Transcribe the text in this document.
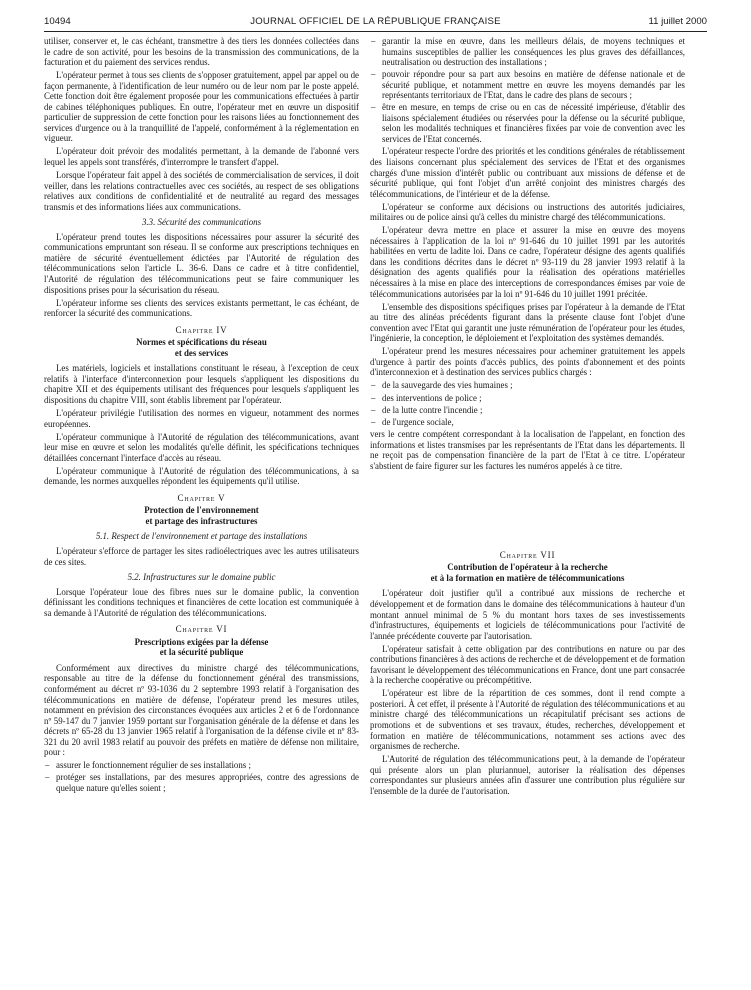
10494	JOURNAL OFFICIEL DE LA RÉPUBLIQUE FRANÇAISE	11 juillet 2000

utiliser, conserver et, le cas échéant, transmettre à des tiers les données collectées dans le cadre de son activité, pour les besoins de la transmission des communications, de la facturation et du paiement des services rendus.

L'opérateur permet à tous ses clients de s'opposer gratuitement, appel par appel ou de façon permanente, à l'identification de leur numéro ou de leur nom par le poste appelé. Cette fonction doit être également proposée pour les communications effectuées à partir de cabines téléphoniques publiques. En outre, l'opérateur met en œuvre un dispositif particulier de suppression de cette fonction pour les raisons liées au fonctionnement des services d'urgence ou à la tranquillité de l'appelé, conformément à la réglementation en vigueur.

L'opérateur doit prévoir des modalités permettant, à la demande de l'abonné vers lequel les appels sont transférés, d'interrompre le transfert d'appel.

Lorsque l'opérateur fait appel à des sociétés de commercialisation de services, il doit veiller, dans les relations contractuelles avec ces sociétés, au respect de ses obligations relatives aux conditions de confidentialité et de neutralité au regard des messages transmis et des informations liées aux communications.

3.3. Sécurité des communications

L'opérateur prend toutes les dispositions nécessaires pour assurer la sécurité des communications empruntant son réseau. Il se conforme aux prescriptions techniques en matière de sécurité éventuellement édictées par l'Autorité de régulation des télécommunications selon l'article L. 36-6. Dans ce cadre et à titre confidentiel, l'Autorité de régulation des télécommunications peut se faire communiquer les dispositions prises pour la sécurisation du réseau.

L'opérateur informe ses clients des services existants permettant, le cas échéant, de renforcer la sécurité des communications.

Chapitre IV
Normes et spécifications du réseau
et des services

Les matériels, logiciels et installations constituant le réseau, à l'exception de ceux relatifs à l'interface d'interconnexion pour lesquels s'appliquent les dispositions du chapitre XII et des équipements utilisant des fréquences pour lesquels s'appliquent les dispositions du chapitre VIII, sont établis librement par l'opérateur.

L'opérateur privilégie l'utilisation des normes en vigueur, notamment des normes européennes.

L'opérateur communique à l'Autorité de régulation des télécommunications, avant leur mise en œuvre et selon les modalités qu'elle définit, les spécifications techniques détaillées concernant l'interface d'accès au réseau.

L'opérateur communique à l'Autorité de régulation des télécommunications, à sa demande, les normes auxquelles répondent les équipements qu'il utilise.

Chapitre V
Protection de l'environnement
et partage des infrastructures
5.1. Respect de l'environnement et partage des installations

L'opérateur s'efforce de partager les sites radioélectriques avec les autres utilisateurs de ces sites.

5.2. Infrastructures sur le domaine public

Lorsque l'opérateur loue des fibres nues sur le domaine public, la convention définissant les conditions techniques et financières de cette location est communiquée à sa demande à l'Autorité de régulation des télécommunications.

Chapitre VI
Prescriptions exigées par la défense
et la sécurité publique

Conformément aux directives du ministre chargé des télécommunications, responsable au titre de la défense du fonctionnement général des transmissions, conformément au décret nº 93-1036 du 2 septembre 1993 relatif à l'organisation des télécommunications en matière de défense, l'opérateur prend les mesures utiles, notamment en prévision des circonstances évoquées aux articles 2 et 6 de l'ordonnance nº 59-147 du 7 janvier 1959 portant sur l'organisation générale de la défense et dans les décrets nº 65-28 du 13 janvier 1965 relatif à l'organisation de la défense civile et nº 83-321 du 20 avril 1983 relatif au pouvoir des préfets en matière de défense non militaire, pour :

– assurer le fonctionnement régulier de ses installations ;
– protéger ses installations, par des mesures appropriées, contre des agressions de quelque nature qu'elles soient ;
– garantir la mise en œuvre, dans les meilleurs délais, de moyens techniques et humains susceptibles de pallier les conséquences les plus graves des défaillances, neutralisation ou destruction des installations ;
– pouvoir répondre pour sa part aux besoins en matière de défense nationale et de sécurité publique, et notamment mettre en œuvre les moyens demandés par les représentants territoriaux de l'Etat, dans le cadre des plans de secours ;
– être en mesure, en temps de crise ou en cas de nécessité impérieuse, d'établir des liaisons spécialement étudiées ou réservées pour la défense ou la sécurité publique, selon les modalités techniques et financières fixées par voie de convention avec les services de l'Etat concernés.

L'opérateur respecte l'ordre des priorités et les conditions générales de rétablissement des liaisons concernant plus spécialement des services de l'Etat et des organismes chargés d'une mission d'intérêt public ou contribuant aux missions de défense et de sécurité publique, qui font l'objet d'un arrêté conjoint des ministres chargés des télécommunications, de l'intérieur et de la défense.

L'opérateur se conforme aux décisions ou instructions des autorités judiciaires, militaires ou de police ainsi qu'à celles du ministre chargé des télécommunications.

L'opérateur devra mettre en place et assurer la mise en œuvre des moyens nécessaires à l'application de la loi nº 91-646 du 10 juillet 1991 par les autorités habilitées en vertu de ladite loi. Dans ce cadre, l'opérateur désigne des agents qualifiés dans les conditions décrites dans le décret nº 93-119 du 28 janvier 1993 relatif à la désignation des agents qualifiés pour la réalisation des opérations matérielles nécessaires à la mise en place des interceptions de correspondances émises par voie de télécommunications autorisées par la loi nº 91-646 du 10 juillet 1991 précitée.

L'ensemble des dispositions spécifiques prises par l'opérateur à la demande de l'Etat au titre des alinéas précédents figurant dans la présente clause font l'objet d'une convention avec l'Etat qui garantit une juste rémunération de l'opérateur pour les études, l'ingénierie, la conception, le déploiement et l'exploitation des systèmes demandés.

L'opérateur prend les mesures nécessaires pour acheminer gratuitement les appels d'urgence à partir des points d'accès publics, des points d'abonnement et des points d'interconnexion et à destination des services publics chargés :

– de la sauvegarde des vies humaines ;
– des interventions de police ;
– de la lutte contre l'incendie ;
– de l'urgence sociale,

vers le centre compétent correspondant à la localisation de l'appelant, en fonction des informations et listes transmises par les représentants de l'Etat dans les départements. Il ne reçoit pas de compensation financière de la part de l'Etat à ce titre. L'opérateur s'abstient de faire figurer sur les factures les numéros appelés à ce titre.

Chapitre VII
Contribution de l'opérateur à la recherche
et à la formation en matière de télécommunications

L'opérateur doit justifier qu'il a contribué aux missions de recherche et développement et de formation dans le domaine des télécommunications à hauteur d'un montant annuel minimal de 5 % du montant hors taxes de ses investissements d'infrastructures, équipements et logiciels de télécommunications pour l'activité de l'année précédente couverte par l'autorisation.

L'opérateur satisfait à cette obligation par des contributions en nature ou par des contributions financières à des actions de recherche et de développement et de formation favorisant le développement des télécommunications en France, dont une part consacrée à la recherche coopérative ou précompétitive.

L'opérateur est libre de la répartition de ces sommes, dont il rend compte a posteriori. À cet effet, il présente à l'Autorité de régulation des télécommunications et au ministre chargé des télécommunications un récapitulatif précisant ses actions de promotions et de subventions et ses travaux, études, recherches, développement et formation en matière de télécommunications, notamment ses actions avec des organismes de recherche.

L'Autorité de régulation des télécommunications peut, à la demande de l'opérateur qui présente alors un plan pluriannuel, autoriser la réalisation des dépenses correspondantes sur plusieurs années afin d'assurer une contribution plus régulière sur l'ensemble de la durée de l'autorisation.
